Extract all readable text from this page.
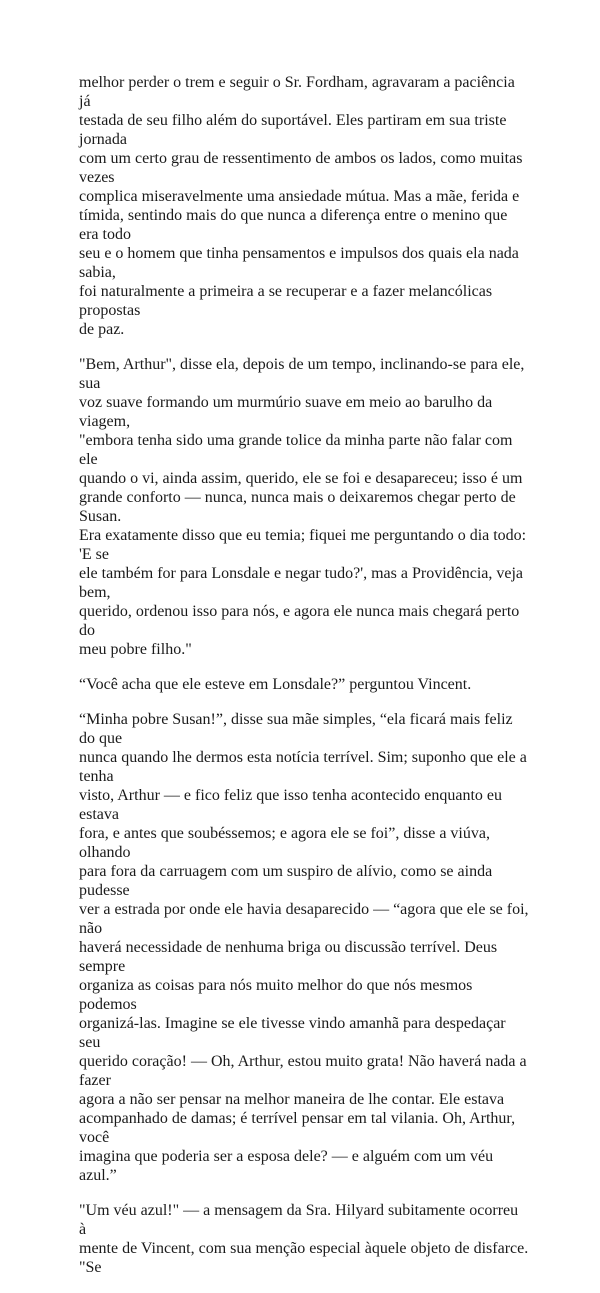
melhor perder o trem e seguir o Sr. Fordham, agravaram a paciência já
testada de seu filho além do suportável. Eles partiram em sua triste jornada
com um certo grau de ressentimento de ambos os lados, como muitas vezes
complica miseravelmente uma ansiedade mútua. Mas a mãe, ferida e
tímida, sentindo mais do que nunca a diferença entre o menino que era todo
seu e o homem que tinha pensamentos e impulsos dos quais ela nada sabia,
foi naturalmente a primeira a se recuperar e a fazer melancólicas propostas
de paz.

"Bem, Arthur", disse ela, depois de um tempo, inclinando-se para ele, sua
voz suave formando um murmúrio suave em meio ao barulho da viagem,
"embora tenha sido uma grande tolice da minha parte não falar com ele
quando o vi, ainda assim, querido, ele se foi e desapareceu; isso é um
grande conforto — nunca, nunca mais o deixaremos chegar perto de Susan.
Era exatamente disso que eu temia; fiquei me perguntando o dia todo: 'E se
ele também for para Lonsdale e negar tudo?', mas a Providência, veja bem,
querido, ordenou isso para nós, e agora ele nunca mais chegará perto do
meu pobre filho."

“Você acha que ele esteve em Lonsdale?” perguntou Vincent.

“Minha pobre Susan!”, disse sua mãe simples, “ela ficará mais feliz do que
nunca quando lhe dermos esta notícia terrível. Sim; suponho que ele a tenha
visto, Arthur — e fico feliz que isso tenha acontecido enquanto eu estava
fora, e antes que soubéssemos; e agora ele se foi”, disse a viúva, olhando
para fora da carruagem com um suspiro de alívio, como se ainda pudesse
ver a estrada por onde ele havia desaparecido — “agora que ele se foi, não
haverá necessidade de nenhuma briga ou discussão terrível. Deus sempre
organiza as coisas para nós muito melhor do que nós mesmos podemos
organizá-las. Imagine se ele tivesse vindo amanhã para despedaçar seu
querido coração! — Oh, Arthur, estou muito grata! Não haverá nada a fazer
agora a não ser pensar na melhor maneira de lhe contar. Ele estava
acompanhado de damas; é terrível pensar em tal vilania. Oh, Arthur, você
imagina que poderia ser a esposa dele? — e alguém com um véu azul.”

"Um véu azul!" — a mensagem da Sra. Hilyard subitamente ocorreu à
mente de Vincent, com sua menção especial àquele objeto de disfarce. "Se
